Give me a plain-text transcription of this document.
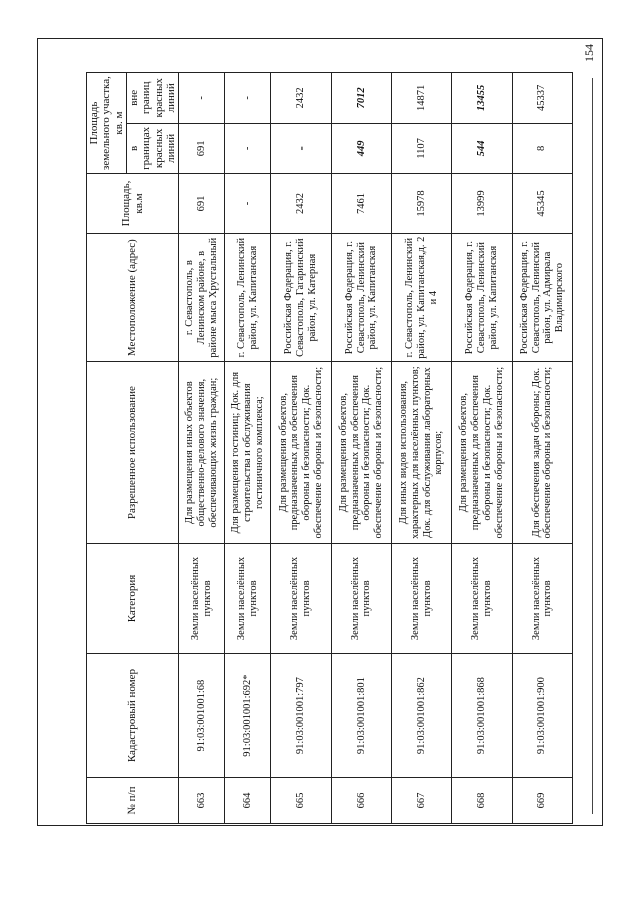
154
№ п/п	Кадастровый номер	Категория	Разрешенное использование	Местоположение (адрес)	Площадь, кв.м	Площадь земельного участка, кв. м	
						в границах красных линий	вне границ красных линий
663	91:03:001001:68	Земли населённых пунктов	Для размещения иных объектов общественно-делового значения, обеспечивающих жизнь граждан;	г. Севастополь, в Ленинском районе, в районе мыса Хрустальный	691	691	-
664	91:03:001001:692*	Земли населённых пунктов	Для размещения гостиниц; Док. для строительства и обслуживания гостиничного комплекса;	г. Севастополь, Ленинский район, ул. Капитанская	-	-	-
665	91:03:001001:797	Земли населённых пунктов	Для размещения объектов, предназначенных для обеспечения обороны и безопасности; Док. обеспечение обороны и безопасности;	Российская Федерация, г. Севастополь, Гагаринский район, ул. Катерная	2432	-	2432
666	91:03:001001:801	Земли населённых пунктов	Для размещения объектов, предназначенных для обеспечения обороны и безопасности; Док. обеспечение обороны и безопасности;	Российская Федерация, г. Севастополь, Ленинский район, ул. Капитанская	7461	449	7012
667	91:03:001001:862	Земли населённых пунктов	Для иных видов использования, характерных для населённых пунктов; Док. для обслуживания лабораторных корпусов;	г. Севастополь, Ленинский район, ул. Капитанская,д. 2 и 4	15978	1107	14871
668	91:03:001001:868	Земли населённых пунктов	Для размещения объектов, предназначенных для обеспечения обороны и безопасности; Док. обеспечение обороны и безопасности;	Российская Федерация, г. Севастополь, Ленинский район, ул. Капитанская	13999	544	13455
669	91:03:001001:900	Земли населённых пунктов	Для обеспечения задач обороны; Док. обеспечение обороны и безопасности;	Российская Федерация, г. Севастополь, Ленинский район, ул. Адмирала Владимирского	45345	8	45337
